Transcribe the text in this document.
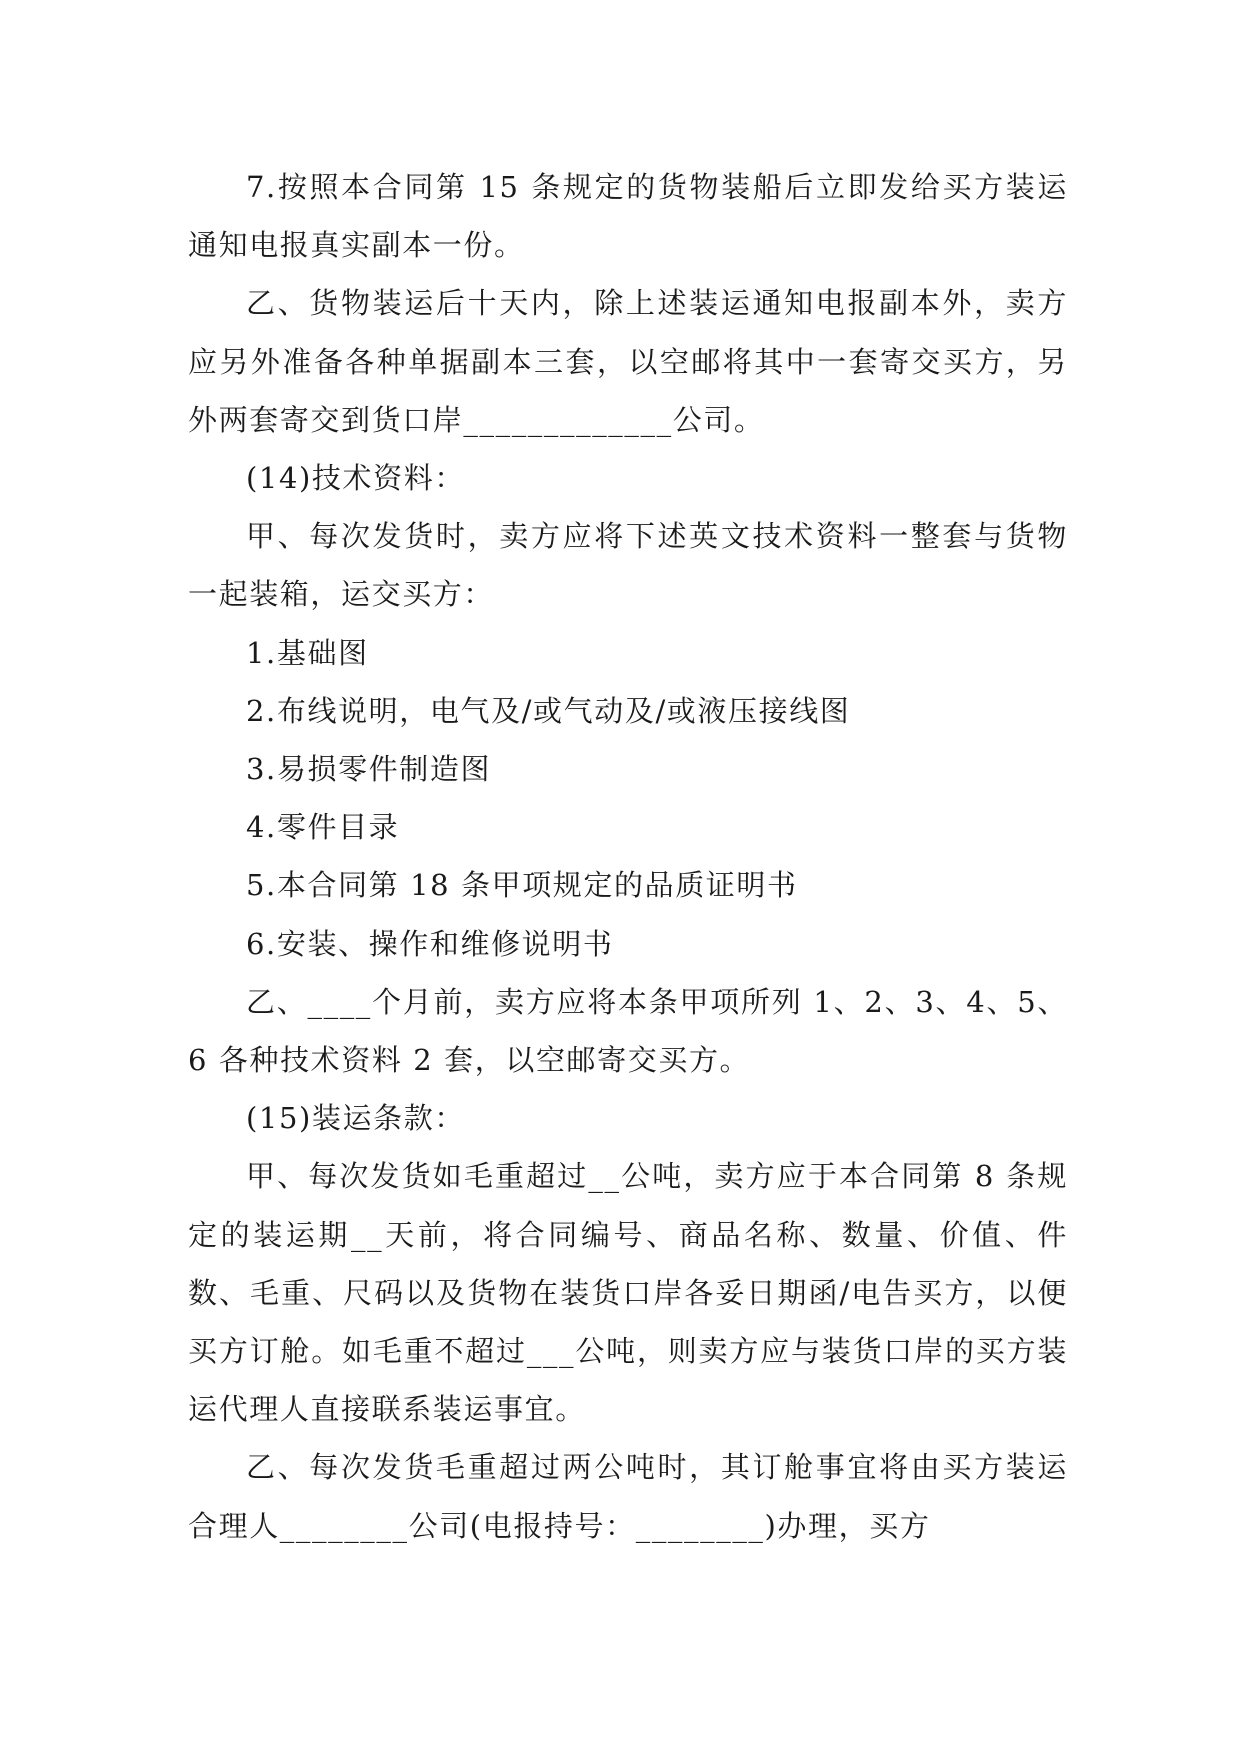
7.按照本合同第 15 条规定的货物装船后立即发给买方装运通知电报真实副本一份。

乙、货物装运后十天内，除上述装运通知电报副本外，卖方应另外准备各种单据副本三套，以空邮将其中一套寄交买方，另外两套寄交到货口岸_____________公司。

(14)技术资料：

甲、每次发货时，卖方应将下述英文技术资料一整套与货物一起装箱，运交买方：

1.基础图

2.布线说明，电气及/或气动及/或液压接线图

3.易损零件制造图

4.零件目录

5.本合同第 18 条甲项规定的品质证明书

6.安装、操作和维修说明书

乙、____个月前，卖方应将本条甲项所列 1、2、3、4、5、6 各种技术资料 2 套，以空邮寄交买方。

(15)装运条款：

甲、每次发货如毛重超过__公吨，卖方应于本合同第 8 条规定的装运期__天前，将合同编号、商品名称、数量、价值、件数、毛重、尺码以及货物在装货口岸各妥日期函/电告买方，以便买方订舱。如毛重不超过___公吨，则卖方应与装货口岸的买方装运代理人直接联系装运事宜。

乙、每次发货毛重超过两公吨时，其订舱事宜将由买方装运合理人________公司(电报持号：________)办理，买方
